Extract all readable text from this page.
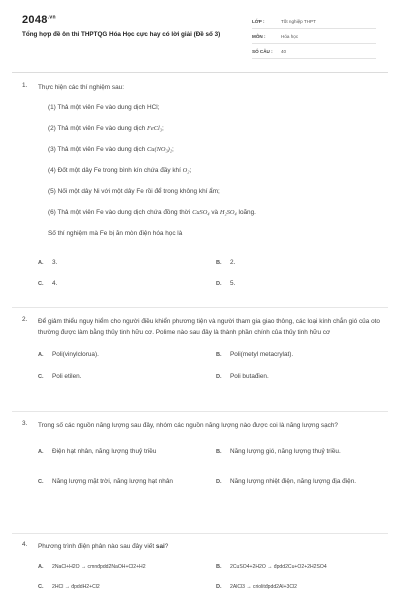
$2048^{.vn}$
Tổng hợp đề ôn thi THPTQG Hóa Học cực hay có lời giải (Đề số 3)
LỚP :	Tốt nghiệp THPT
MÔN :	Hóa học
SỐ CÂU :	40
1. Thực hiện các thí nghiệm sau:
(1) Thả một viên Fe vào dung dịch HCl;
(2) Thả một viên Fe vào dung dịch FeCl₃;
(3) Thả một viên Fe vào dung dịch Cu(NO₃)₂;
(4) Đốt một dây Fe trong bình kín chứa đầy khí O₂;
(5) Nối một dây Ni với một dây Fe rồi để trong không khí ẩm;
(6) Thả một viên Fe vào dung dịch chứa đồng thời CuSO₄ và H₂SO₄ loãng.
Số thí nghiệm mà Fe bị ăn mòn điện hóa học là
A.	3.	B.	2.
C.	4.	D.	5.
2. Để giảm thiểu nguy hiểm cho người điều khiển phương tiện và người tham gia giao thông, các loại kính chắn gió của oto thường được làm bằng thủy tinh hữu cơ. Polime nào sau đây là thành phần chính của thủy tinh hữu cơ
A.	Poli(vinylclorua).	B.	Poli(metyl metacrylat).
C.	Poli etilen.	D.	Poli butađien.
3. Trong số các nguồn năng lượng sau đây, nhóm các nguồn năng lượng nào được coi là năng lượng sạch?
A.	Điện hạt nhân, năng lượng thuỷ triều	B.	Năng lượng gió, năng lượng thuỷ triều.
C.	Năng lượng mặt trời, năng lượng hạt nhân	D.	Năng lượng nhiệt điện, năng lượng địa điện.
4. Phương trình điện phân nào sau đây viết sai?
A.	2NaCl+H2O → cmnđpdd2NaOH+Cl2+H2	B.	2CuSO4+2H2O → đpdd2Cu+O2+2H2SO4
C.	2HCl → đpddH2+Cl2	D.	2AlCl3 → criolitđpdd2Al+3Cl2
